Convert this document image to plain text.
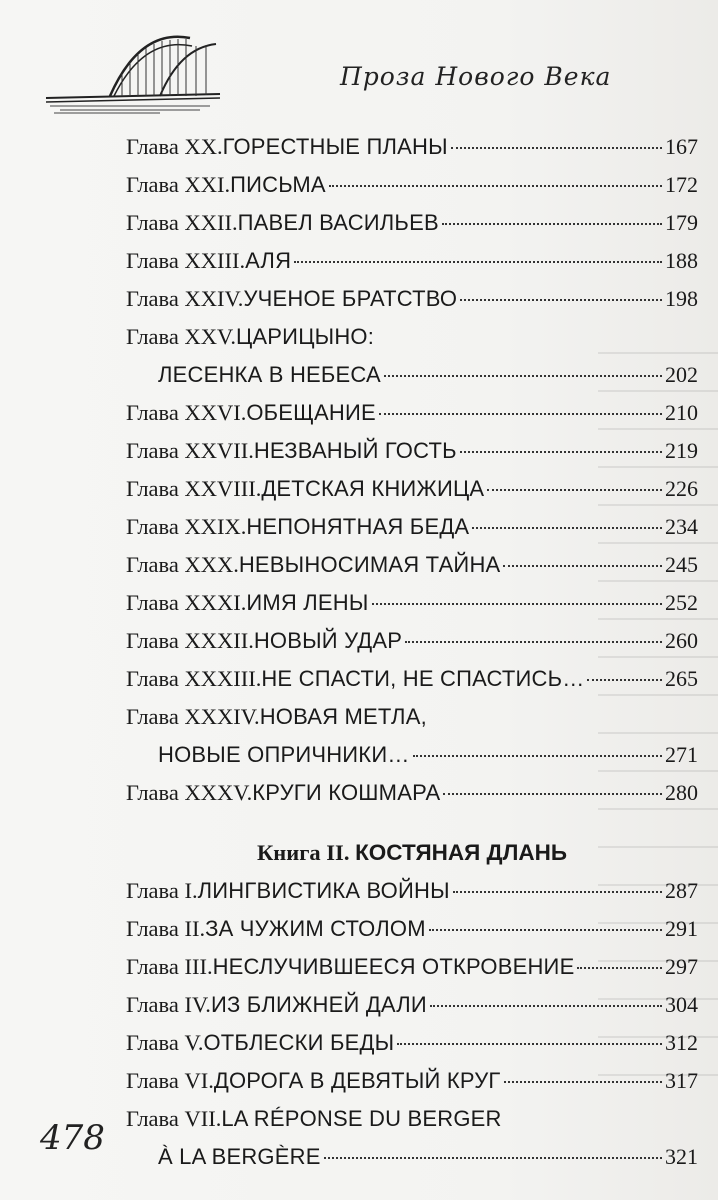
Проза Нового Века
Глава XX. ГОРЕСТНЫЕ ПЛАНЫ	167
Глава XXI. ПИСЬМА	172
Глава XXII. ПАВЕЛ ВАСИЛЬЕВ	179
Глава XXIII. АЛЯ	188
Глава XXIV. УЧЕНОЕ БРАТСТВО	198
Глава XXV. ЦАРИЦЫНО:
ЛЕСЕНКА В НЕБЕСА	202
Глава XXVI. ОБЕЩАНИЕ	210
Глава XXVII. НЕЗВАНЫЙ ГОСТЬ	219
Глава XXVIII. ДЕТСКАЯ КНИЖИЦА	226
Глава XXIX. НЕПОНЯТНАЯ БЕДА	234
Глава XXX. НЕВЫНОСИМАЯ ТАЙНА	245
Глава XXXI. ИМЯ ЛЕНЫ	252
Глава XXXII. НОВЫЙ УДАР	260
Глава XXXIII. НЕ СПАСТИ, НЕ СПАСТИСЬ…	265
Глава XXXIV. НОВАЯ МЕТЛА,
НОВЫЕ ОПРИЧНИКИ…	271
Глава XXXV. КРУГИ КОШМАРА	280
Книга II. КОСТЯНАЯ ДЛАНЬ
Глава I. ЛИНГВИСТИКА ВОЙНЫ	287
Глава II. ЗА ЧУЖИМ СТОЛОМ	291
Глава III. НЕСЛУЧИВШЕЕСЯ ОТКРОВЕНИЕ	297
Глава IV. ИЗ БЛИЖНЕЙ ДАЛИ	304
Глава V. ОТБЛЕСКИ БЕДЫ	312
Глава VI. ДОРОГА В ДЕВЯТЫЙ КРУГ	317
Глава VII. LA RÉPONSE DU BERGER
À LA BERGÈRE	321
478
